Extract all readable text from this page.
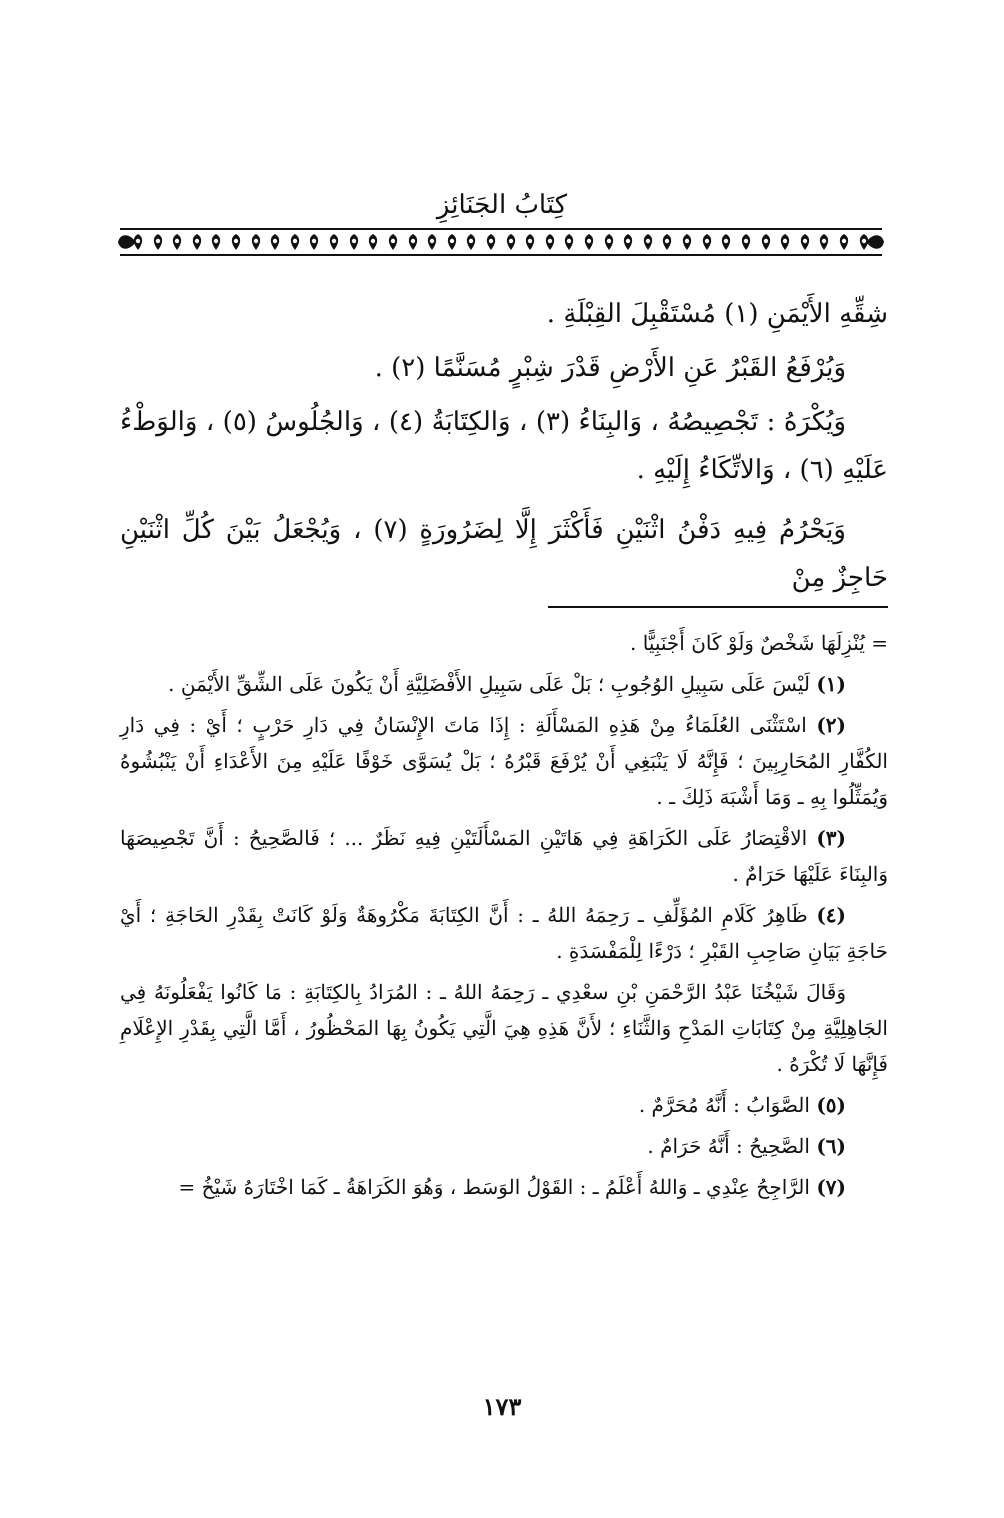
كِتَابُ الجَنَائِزِ

شِقِّهِ الأَيْمَنِ (١) مُسْتَقْبِلَ القِبْلَةِ .

وَيُرْفَعُ القَبْرُ عَنِ الأَرْضِ قَدْرَ شِبْرٍ مُسَنَّمًا (٢) .

وَيُكْرَهُ : تَجْصِيصُهُ ، وَالبِنَاءُ (٣) ، وَالكِتَابَةُ (٤) ، وَالجُلُوسُ (٥) ، وَالوَطْءُ عَلَيْهِ (٦) ، وَالاتِّكَاءُ إِلَيْهِ .

وَيَحْرُمُ فِيهِ دَفْنُ اثْنَيْنِ فَأَكْثَرَ إِلَّا لِضَرُورَةٍ (٧) ، وَيُجْعَلُ بَيْنَ كُلِّ اثْنَيْنِ حَاجِزٌ مِنْ

= يُنْزِلَهَا شَخْصٌ وَلَوْ كَانَ أَجْنَبِيًّا .

(١) لَيْسَ عَلَى سَبِيلِ الوُجُوبِ ؛ بَلْ عَلَى سَبِيلِ الأَفْضَلِيَّةِ أَنْ يَكُونَ عَلَى الشِّقِّ الأَيْمَنِ .

(٢) اسْتَثْنَى العُلَمَاءُ مِنْ هَذِهِ المَسْأَلَةِ : إِذَا مَاتَ الإِنْسَانُ فِي دَارِ حَرْبٍ ؛ أَيْ : فِي دَارِ الكُفَّارِ المُحَارِبِينَ ؛ فَإِنَّهُ لَا يَنْبَغِي أَنْ يُرْفَعَ قَبْرُهُ ؛ بَلْ يُسَوَّى خَوْفًا عَلَيْهِ مِنَ الأَعْدَاءِ أَنْ يَنْبُشُوهُ وَيُمَثِّلُوا بِهِ ـ وَمَا أَشْبَهَ ذَلِكَ ـ .

(٣) الاقْتِصَارُ عَلَى الكَرَاهَةِ فِي هَاتَيْنِ المَسْأَلَتَيْنِ فِيهِ نَظَرٌ ... ؛ فَالصَّحِيحُ : أَنَّ تَجْصِيصَهَا وَالبِنَاءَ عَلَيْهَا حَرَامٌ .

(٤) ظَاهِرُ كَلَامِ المُؤَلِّفِ ـ رَحِمَهُ اللهُ ـ : أَنَّ الكِتَابَةَ مَكْرُوهَةٌ وَلَوْ كَانَتْ بِقَدْرِ الحَاجَةِ ؛ أَيْ حَاجَةِ بَيَانِ صَاحِبِ القَبْرِ ؛ دَرْءًا لِلْمَفْسَدَةِ .

وَقَالَ شَيْخُنَا عَبْدُ الرَّحْمَنِ بْنِ سعْدِي ـ رَحِمَهُ اللهُ ـ : المُرَادُ بِالكِتَابَةِ : مَا كَانُوا يَفْعَلُونَهُ فِي الجَاهِلِيَّةِ مِنْ كِتَابَاتِ المَدْحِ وَالثَّنَاءِ ؛ لأَنَّ هَذِهِ هِيَ الَّتِي يَكُونُ بِهَا المَحْظُورُ ، أَمَّا الَّتِي بِقَدْرِ الإِعْلَامِ فَإِنَّهَا لَا تُكْرَهُ .

(٥) الصَّوَابُ : أَنَّهُ مُحَرَّمٌ .

(٦) الصَّحِيحُ : أَنَّهُ حَرَامٌ .

(٧) الرَّاجِحُ عِنْدِي ـ وَاللهُ أَعْلَمُ ـ : القَوْلُ الوَسَط ، وَهُوَ الكَرَاهَةُ ـ كَمَا اخْتَارَهُ شَيْخُ =

١٧٣
